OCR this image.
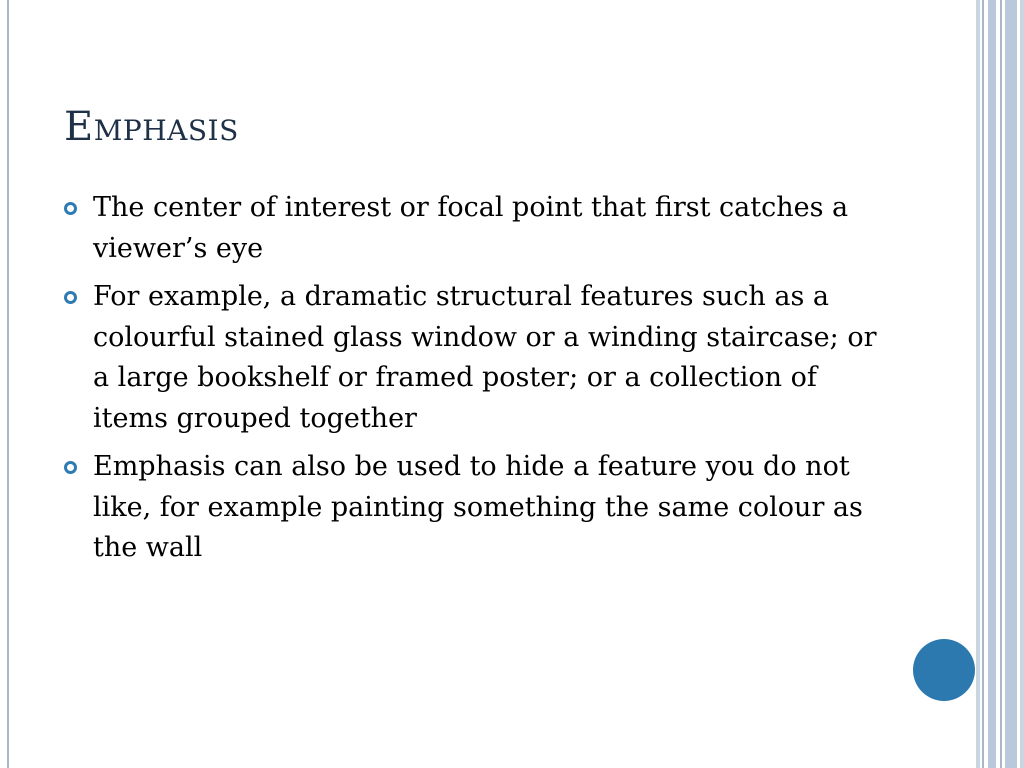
Emphasis
The center of interest or focal point that first catches a viewer’s eye
For example, a dramatic structural features such as a colourful stained glass window or a winding staircase; or a large bookshelf or framed poster; or a collection of items grouped together
Emphasis can also be used to hide a feature you do not like, for example painting something the same colour as the wall
